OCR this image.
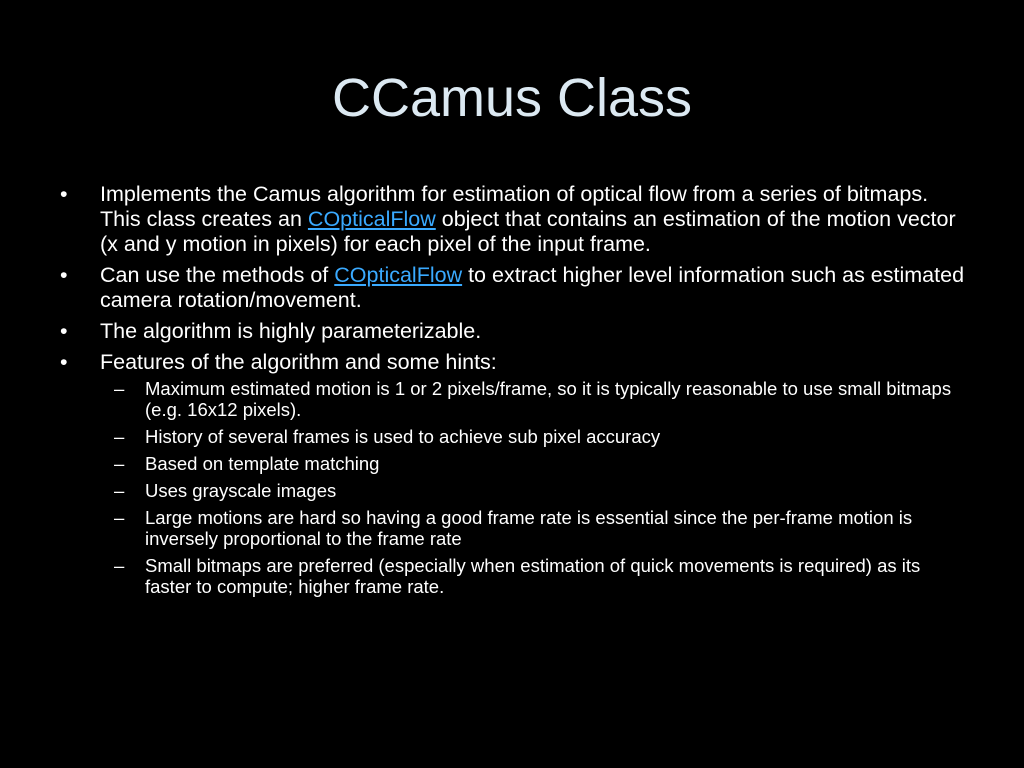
CCamus Class
•	Implements the Camus algorithm for estimation of optical flow from a series of bitmaps. This class creates an COpticalFlow object that contains an estimation of the motion vector (x and y motion in pixels) for each pixel of the input frame.
•	Can use the methods of COpticalFlow to extract higher level information such as estimated camera rotation/movement.
•	The algorithm is highly parameterizable.
•	Features of the algorithm and some hints:
– Maximum estimated motion is 1 or 2 pixels/frame, so it is typically reasonable to use small bitmaps (e.g. 16x12 pixels).
– History of several frames is used to achieve sub pixel accuracy
– Based on template matching
– Uses grayscale images
– Large motions are hard so having a good frame rate is essential since the per-frame motion is inversely proportional to the frame rate
– Small bitmaps are preferred (especially when estimation of quick movements is required) as its faster to compute; higher frame rate.
